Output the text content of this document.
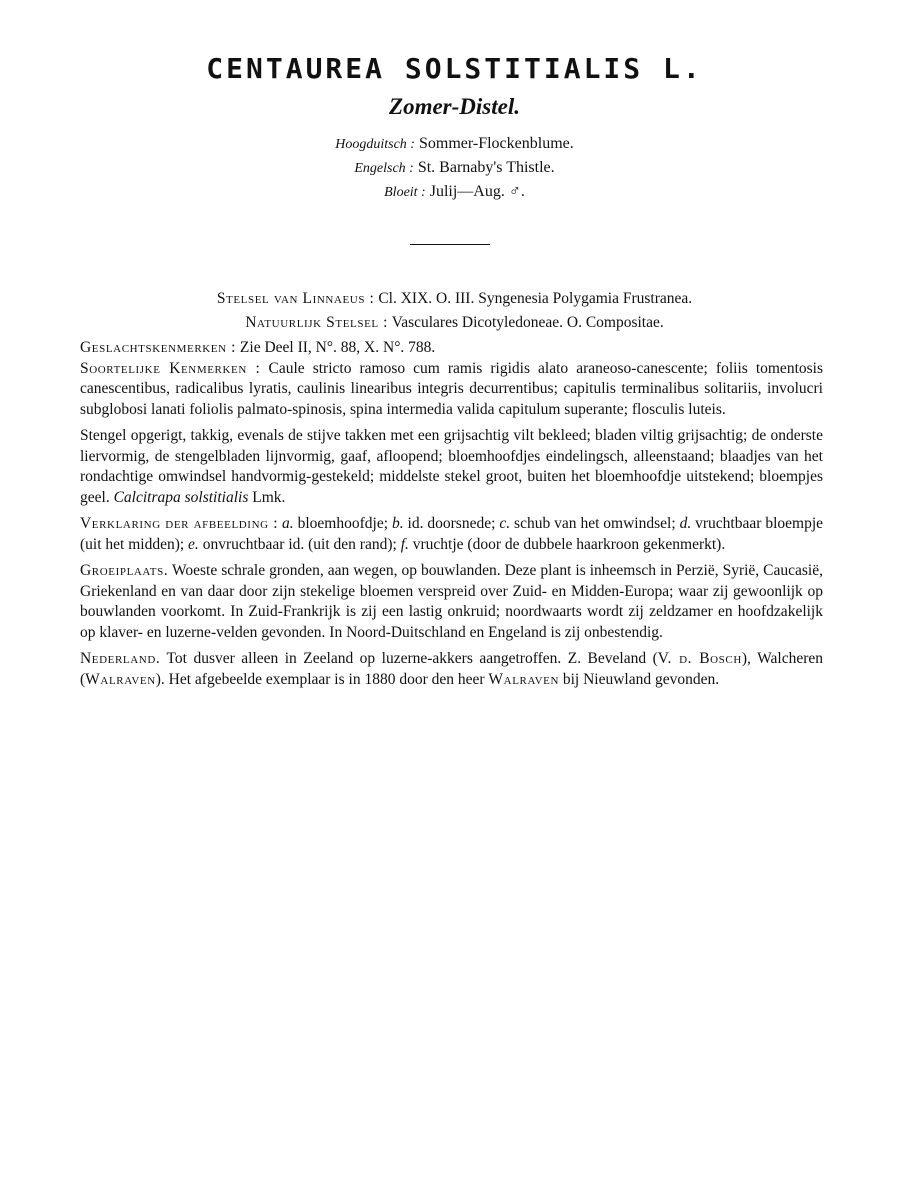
CENTAUREA SOLSTITIALIS L.
Zomer-Distel.
Hoogduitsch : Sommer-Flockenblume.
Engelsch : St. Barnaby's Thistle.
Bloeit : Julij—Aug. ♂.
Stelsel van Linnaeus : Cl. XIX. O. III. Syngenesia Polygamia Frustranea.
Natuurlijk Stelsel : Vasculares Dicotyledoneae. O. Compositae.

Geslachtskenmerken : Zie Deel II, N°. 88, X. N°. 788.

Soortelijke Kenmerken : Caule stricto ramoso cum ramis rigidis alato araneoso-canescente; foliis tomentosis canescentibus, radicalibus lyratis, caulinis linearibus integris decurrentibus; capitulis terminalibus solitariis, involucri subglobosi lanati foliolis palmato-spinosis, spina intermedia valida capitulum superante; flosculis luteis.

Stengel opgerigt, takkig, evenals de stijve takken met een grijsachtig vilt bekleed; bladen viltig grijsachtig; de onderste liervormig, de stengelbladen lijnvormig, gaaf, afloopend; bloemhoofdjes eindelingsch, alleenstaand; blaadjes van het rondachtige omwindsel handvormig-gestekeld; middelste stekel groot, buiten het bloemhoofdje uitstekend; bloempjes geel. Calcitrapa solstitialis Lmk.

Verklaring der afbeelding : a. bloemhoofdje; b. id. doorsnede; c. schub van het omwindsel; d. vruchtbaar bloempje (uit het midden); e. onvruchtbaar id. (uit den rand); f. vruchtje (door de dubbele haarkroon gekenmerkt).

Groeiplaats. Woeste schrale gronden, aan wegen, op bouwlanden. Deze plant is inheemsch in Perzië, Syrië, Caucasië, Griekenland en van daar door zijn stekelige bloemen verspreid over Zuid- en Midden-Europa; waar zij gewoonlijk op bouwlanden voorkomt. In Zuid-Frankrijk is zij een lastig onkruid; noordwaarts wordt zij zeldzamer en hoofdzakelijk op klaver- en luzerne-velden gevonden. In Noord-Duitschland en Engeland is zij onbestendig.

Nederland. Tot dusver alleen in Zeeland op luzerne-akkers aangetroffen. Z. Beveland (V. d. Bosch), Walcheren (Walraven). Het afgebeelde exemplaar is in 1880 door den heer Walraven bij Nieuwland gevonden.
